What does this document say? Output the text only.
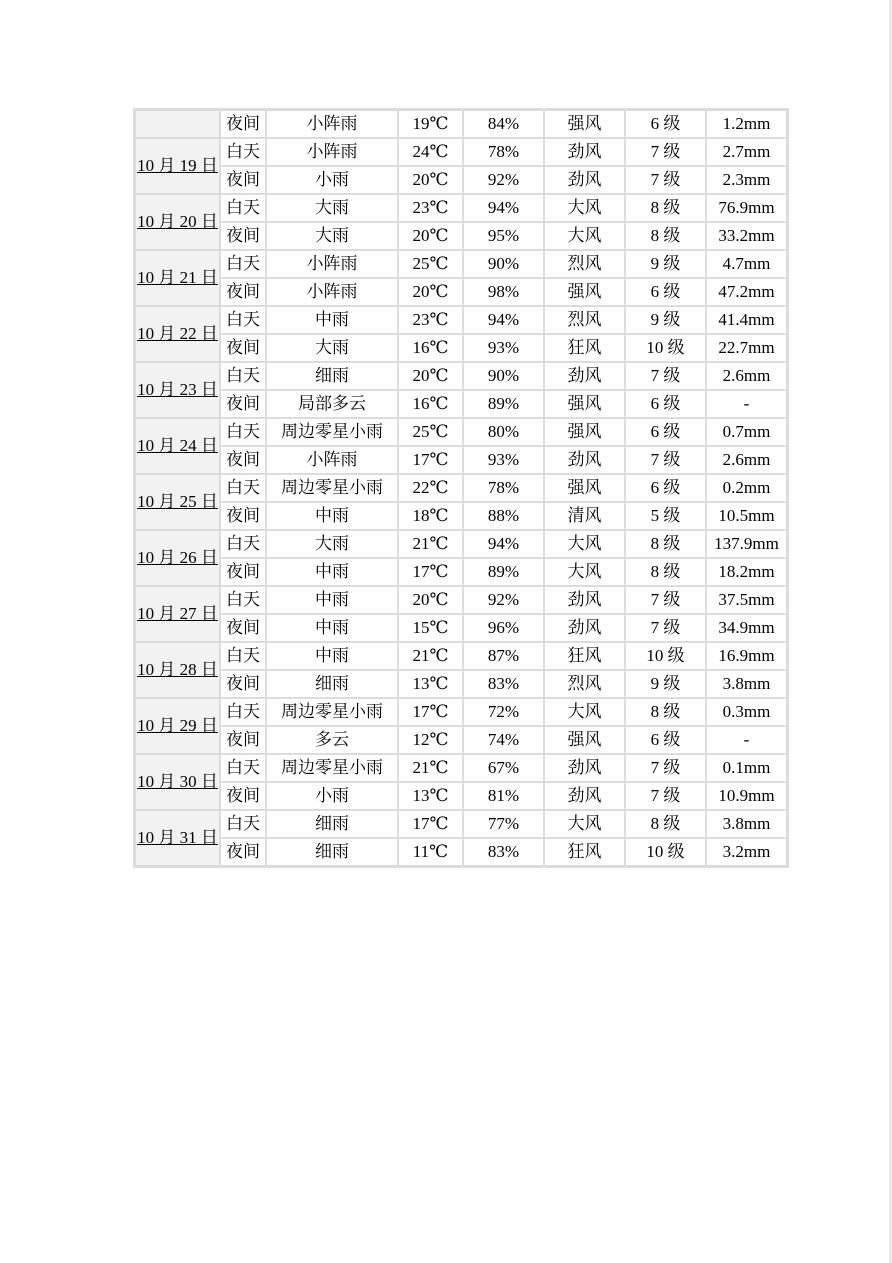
	夜间	小阵雨	19℃	84%	强风	6 级	1.2mm
10 月 19 日	白天	小阵雨	24℃	78%	劲风	7 级	2.7mm
	夜间	小雨	20℃	92%	劲风	7 级	2.3mm
10 月 20 日	白天	大雨	23℃	94%	大风	8 级	76.9mm
	夜间	大雨	20℃	95%	大风	8 级	33.2mm
10 月 21 日	白天	小阵雨	25℃	90%	烈风	9 级	4.7mm
	夜间	小阵雨	20℃	98%	强风	6 级	47.2mm
10 月 22 日	白天	中雨	23℃	94%	烈风	9 级	41.4mm
	夜间	大雨	16℃	93%	狂风	10 级	22.7mm
10 月 23 日	白天	细雨	20℃	90%	劲风	7 级	2.6mm
	夜间	局部多云	16℃	89%	强风	6 级	-
10 月 24 日	白天	周边零星小雨	25℃	80%	强风	6 级	0.7mm
	夜间	小阵雨	17℃	93%	劲风	7 级	2.6mm
10 月 25 日	白天	周边零星小雨	22℃	78%	强风	6 级	0.2mm
	夜间	中雨	18℃	88%	清风	5 级	10.5mm
10 月 26 日	白天	大雨	21℃	94%	大风	8 级	137.9mm
	夜间	中雨	17℃	89%	大风	8 级	18.2mm
10 月 27 日	白天	中雨	20℃	92%	劲风	7 级	37.5mm
	夜间	中雨	15℃	96%	劲风	7 级	34.9mm
10 月 28 日	白天	中雨	21℃	87%	狂风	10 级	16.9mm
	夜间	细雨	13℃	83%	烈风	9 级	3.8mm
10 月 29 日	白天	周边零星小雨	17℃	72%	大风	8 级	0.3mm
	夜间	多云	12℃	74%	强风	6 级	-
10 月 30 日	白天	周边零星小雨	21℃	67%	劲风	7 级	0.1mm
	夜间	小雨	13℃	81%	劲风	7 级	10.9mm
10 月 31 日	白天	细雨	17℃	77%	大风	8 级	3.8mm
	夜间	细雨	11℃	83%	狂风	10 级	3.2mm
